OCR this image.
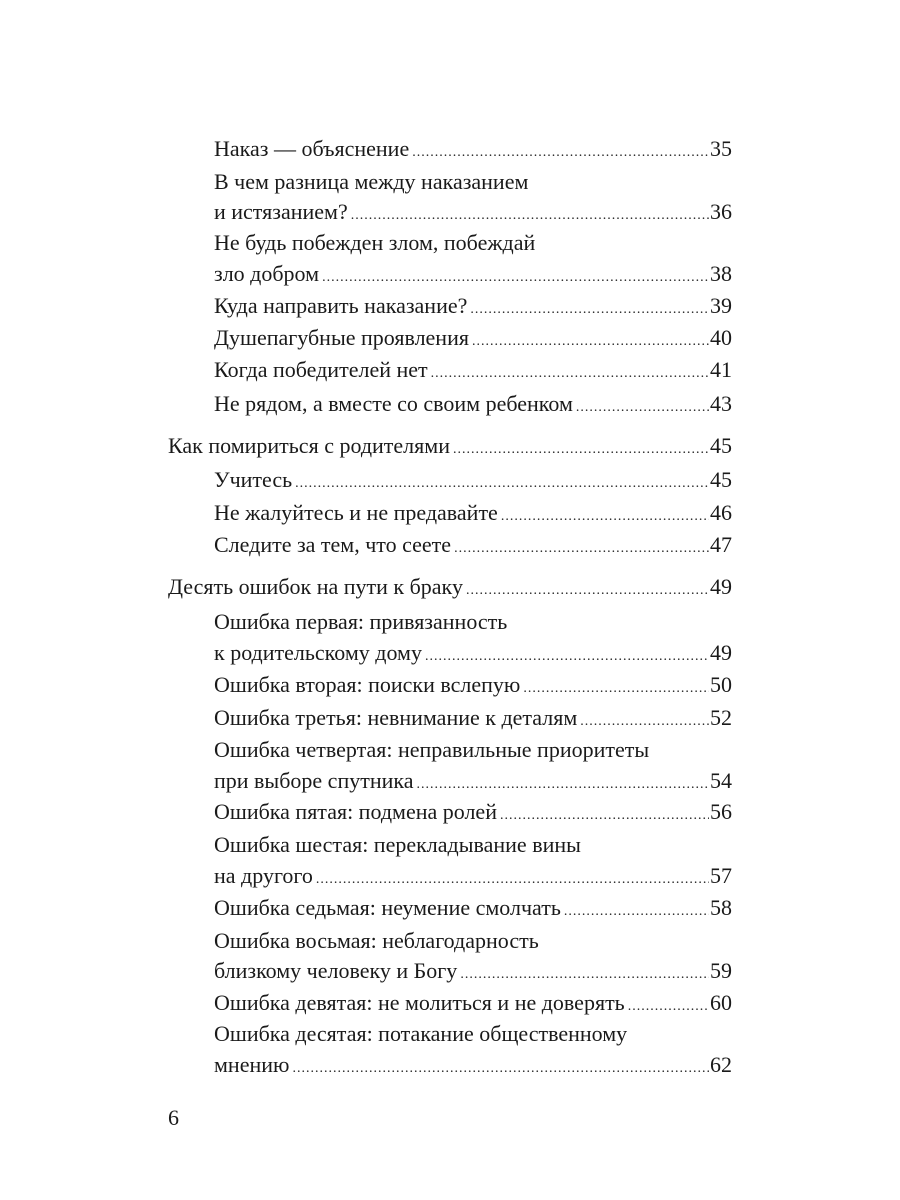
Наказ — объяснение .....	35
В чем разница между наказанием
и истязанием? .....	36
Не будь побежден злом, побеждай
зло добром .....	38
Куда направить наказание? .....	39
Душепагубные проявления .....	40
Когда победителей нет .....	41
Не рядом, а вместе со своим ребенком .....	43
Как помириться с родителями .....	45
Учитесь .....	45
Не жалуйтесь и не предавайте .....	46
Следите за тем, что сеете .....	47
Десять ошибок на пути к браку .....	49
Ошибка первая: привязанность
к родительскому дому .....	49
Ошибка вторая: поиски вслепую .....	50
Ошибка третья: невнимание к деталям .....	52
Ошибка четвертая: неправильные приоритеты
при выборе спутника .....	54
Ошибка пятая: подмена ролей .....	56
Ошибка шестая: перекладывание вины
на другого .....	57
Ошибка седьмая: неумение смолчать .....	58
Ошибка восьмая: неблагодарность
близкому человеку и Богу .....	59
Ошибка девятая: не молиться и не доверять .....	60
Ошибка десятая: потакание общественному
мнению .....	62
6
